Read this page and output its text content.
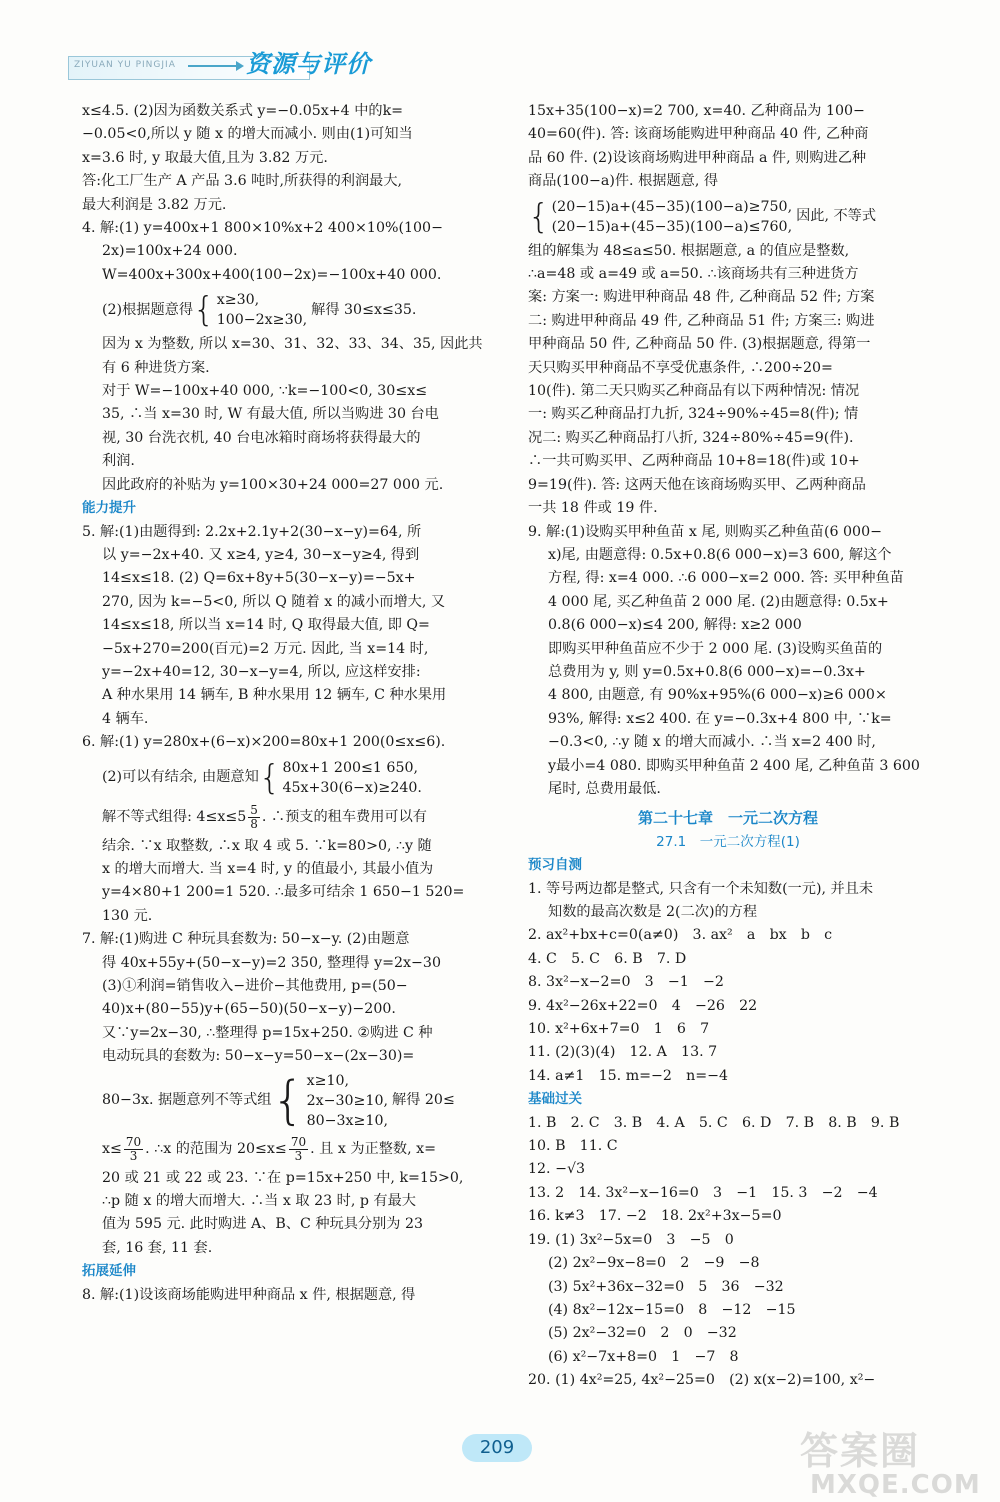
ZIYUAN YU PINGJIA	资源与评价
x≤4.5. (2)因为函数关系式 y=−0.05x+4 中的k=
−0.05<0,所以 y 随 x 的增大而减小. 则由(1)可知当
x=3.6 时, y 取最大值,且为 3.82 万元.
答:化工厂生产 A 产品 3.6 吨时,所获得的利润最大,
最大利润是 3.82 万元.
4. 解:(1) y=400x+1 800×10%x+2 400×10%(100−
2x)=100x+24 000.
W=400x+300x+400(100−2x)=−100x+40 000.
(2)根据题意得 { x≥30,
100−2x≥30,
解得 30≤x≤35.
因为 x 为整数, 所以 x=30、31、32、33、34、35, 因此共
有 6 种进货方案.
对于 W=−100x+40 000, ∵k=−100<0, 30≤x≤
35, ∴当 x=30 时, W 有最大值, 所以当购进 30 台电
视, 30 台洗衣机, 40 台电冰箱时商场将获得最大的
利润.
因此政府的补贴为 y=100×30+24 000=27 000 元.
能力提升
5. 解:(1)由题得到: 2.2x+2.1y+2(30−x−y)=64, 所
以 y=−2x+40. 又 x≥4, y≥4, 30−x−y≥4, 得到
14≤x≤18. (2) Q=6x+8y+5(30−x−y)=−5x+
270, 因为 k=−5<0, 所以 Q 随着 x 的减小而增大, 又
14≤x≤18, 所以当 x=14 时, Q 取得最大值, 即 Q=
−5x+270=200(百元)=2 万元. 因此, 当 x=14 时,
y=−2x+40=12, 30−x−y=4, 所以, 应这样安排:
A 种水果用 14 辆车, B 种水果用 12 辆车, C 种水果用
4 辆车.
6. 解:(1) y=280x+(6−x)×200=80x+1 200(0≤x≤6).
(2)可以有结余, 由题意知 { 80x+1 200≤1 650,
45x+30(6−x)≥240.
解不等式组得: $4\le x\le 5 \frac{5}{8}$ . ∴预支的租车费用可以有
结余. ∵x 取整数, ∴x 取 4 或 5. ∵k=80>0, ∴y 随
x 的增大而增大. 当 x=4 时, y 的值最小, 其最小值为
y=4×80+1 200=1 520. ∴最多可结余 1 650−1 520=
130 元.
7. 解:(1)购进 C 种玩具套数为: 50−x−y. (2)由题意
得 40x+55y+(50−x−y)=2 350, 整理得 y=2x−30
(3)①利润=销售收入−进价−其他费用, p=(50−
40)x+(80−55)y+(65−50)(50−x−y)−200.
又∵y=2x−30, ∴整理得 p=15x+250. ②购进 C 种
电动玩具的套数为: 50−x−y=50−x−(2x−30)=
80−3x. 据题意列不等式组 { x≥10,
2x−30≥10,
80−3x≥10,
解得 20≤
$x\le \frac{70}{3}$ . ∴x 的范围为 $20\le x\le \frac{70}{3}$ . 且 x 为正整数, x=
20 或 21 或 22 或 23. ∵在 p=15x+250 中, k=15>0,
∴p 随 x 的增大而增大. ∴当 x 取 23 时, p 有最大
值为 595 元. 此时购进 A、B、C 种玩具分别为 23
套, 16 套, 11 套.
拓展延伸
8. 解:(1)设该商场能购进甲种商品 x 件, 根据题意, 得
15x+35(100−x)=2 700, x=40. 乙种商品为 100−
40=60(件). 答: 该商场能购进甲种商品 40 件, 乙种商
品 60 件. (2)设该商场购进甲种商品 a 件, 则购进乙种
商品(100−a)件. 根据题意, 得
{ (20−15)a+(45−35)(100−a)≥750,
(20−15)a+(45−35)(100−a)≤760,
因此, 不等式
组的解集为 48≤a≤50. 根据题意, a 的值应是整数,
∴a=48 或 a=49 或 a=50. ∴该商场共有三种进货方
案: 方案一: 购进甲种商品 48 件, 乙种商品 52 件; 方案
二: 购进甲种商品 49 件, 乙种商品 51 件; 方案三: 购进
甲种商品 50 件, 乙种商品 50 件. (3)根据题意, 得第一
天只购买甲种商品不享受优惠条件, ∴200÷20=
10(件). 第二天只购买乙种商品有以下两种情况: 情况
一: 购买乙种商品打九折, 324÷90%÷45=8(件); 情
况二: 购买乙种商品打八折, 324÷80%÷45=9(件).
∴一共可购买甲、乙两种商品 10+8=18(件)或 10+
9=19(件). 答: 这两天他在该商场购买甲、乙两种商品
一共 18 件或 19 件.
9. 解:(1)设购买甲种鱼苗 x 尾, 则购买乙种鱼苗(6 000−
x)尾, 由题意得: 0.5x+0.8(6 000−x)=3 600, 解这个
方程, 得: x=4 000. ∴6 000−x=2 000. 答: 买甲种鱼苗
4 000 尾, 买乙种鱼苗 2 000 尾. (2)由题意得: 0.5x+
0.8(6 000−x)≤4 200, 解得: x≥2 000
即购买甲种鱼苗应不少于 2 000 尾. (3)设购买鱼苗的
总费用为 y, 则 y=0.5x+0.8(6 000−x)=−0.3x+
4 800, 由题意, 有 90%x+95%(6 000−x)≥6 000×
93%, 解得: x≤2 400. 在 y=−0.3x+4 800 中, ∵k=
−0.3<0, ∴y 随 x 的增大而减小. ∴当 x=2 400 时,
y最小=4 080. 即购买甲种鱼苗 2 400 尾, 乙种鱼苗 3 600
尾时, 总费用最低.
第二十七章　一元二次方程
27.1　一元二次方程(1)
预习自测
1. 等号两边都是整式, 只含有一个未知数(一元), 并且未
知数的最高次数是 2(二次)的方程
2. ax²+bx+c=0(a≠0)　3. ax²　a　bx　b　c
4. C　5. C　6. B　7. D
8. 3x²−x−2=0　3　−1　−2
9. 4x²−26x+22=0　4　−26　22
10. x²+6x+7=0　1　6　7
11. (2)(3)(4)　12. A　13. 7
14. a≠1　15. m=−2　n=−4
基础过关
1. B　2. C　3. B　4. A　5. C　6. D　7. B　8. B　9. B
10. B　11. C
12. −√3
13. 2　14. 3x²−x−16=0　3　−1　15. 3　−2　−4
16. k≠3　17. −2　18. 2x²+3x−5=0
19. (1) 3x²−5x=0　3　−5　0
(2) 2x²−9x−8=0　2　−9　−8
(3) 5x²+36x−32=0　5　36　−32
(4) 8x²−12x−15=0　8　−12　−15
(5) 2x²−32=0　2　0　−32
(6) x²−7x+8=0　1　−7　8
20. (1) 4x²=25, 4x²−25=0　(2) x(x−2)=100, x²−
209	答案圈
MXQE.COM
